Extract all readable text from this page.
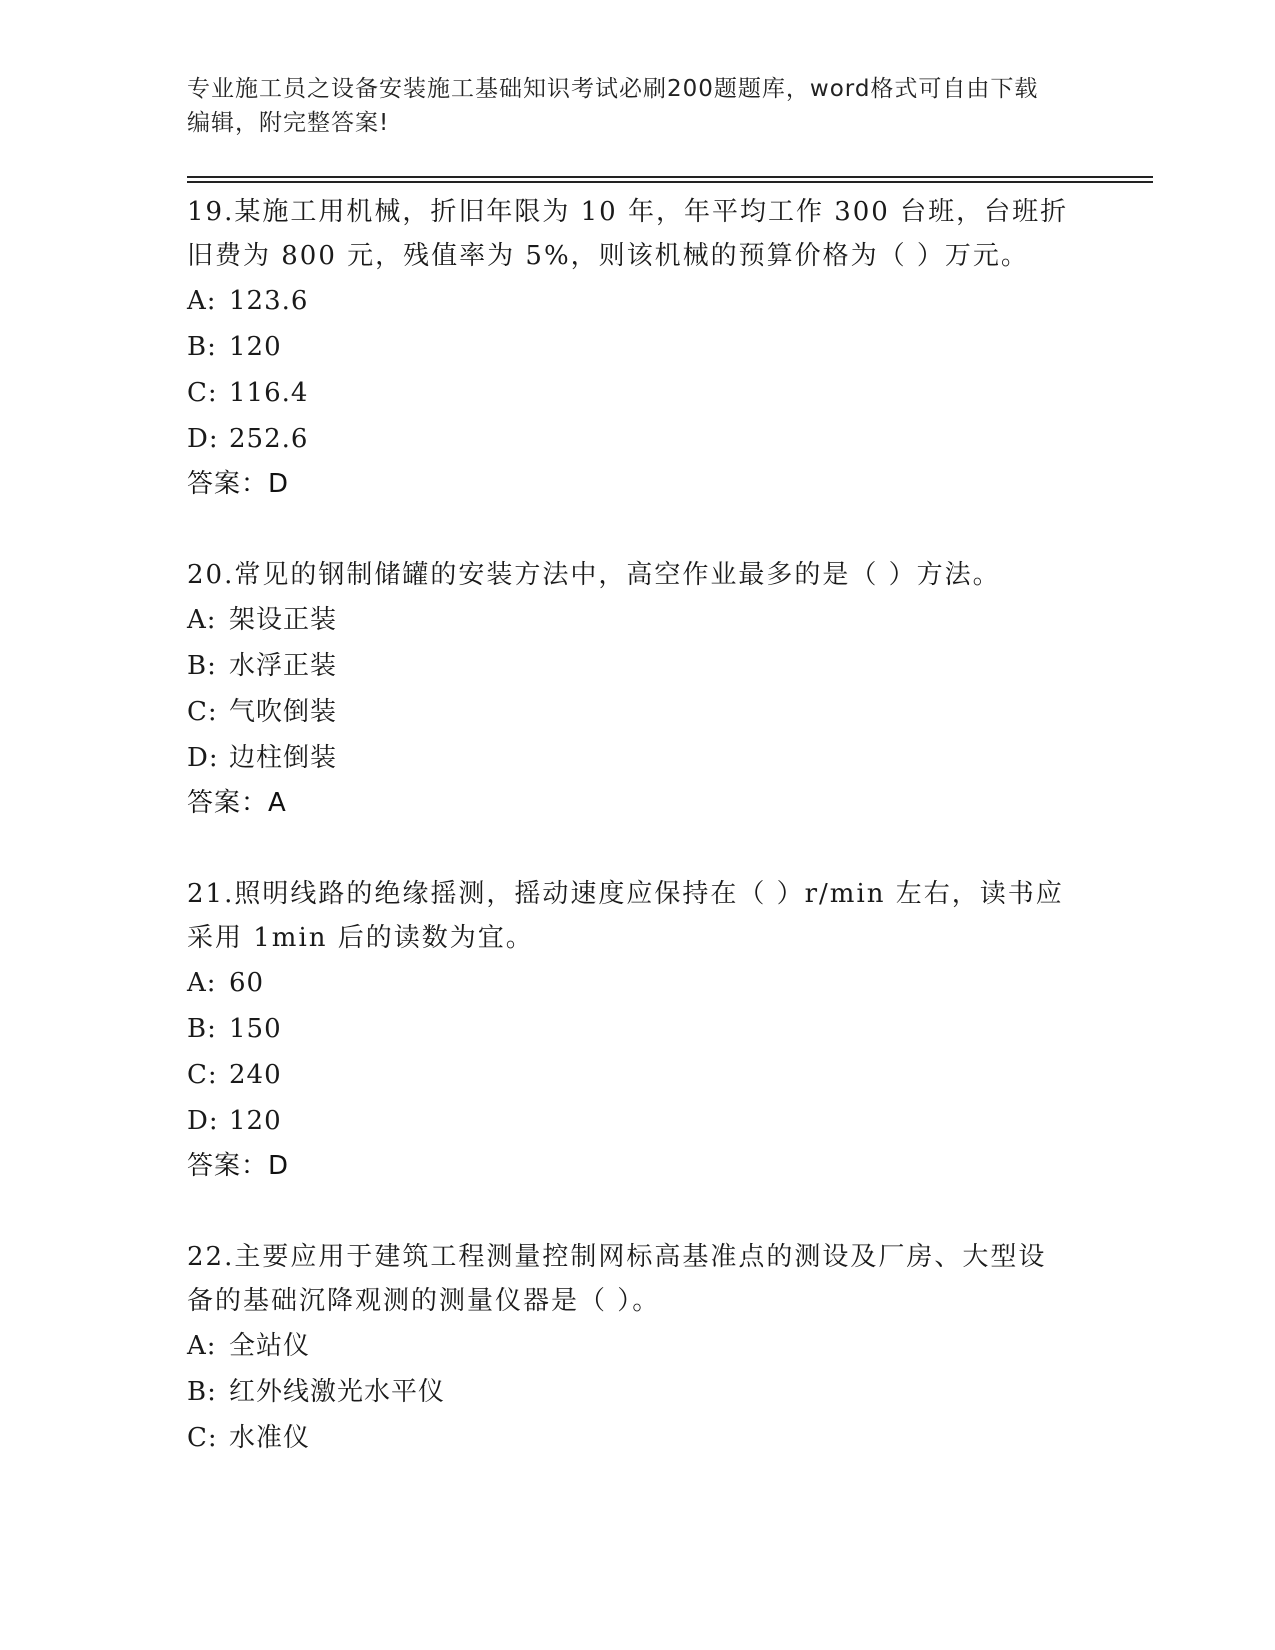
专业施工员之设备安装施工基础知识考试必刷200题题库，word格式可自由下载
编辑，附完整答案!
19.某施工用机械，折旧年限为 10 年，年平均工作 300 台班，台班折
旧费为 800 元，残值率为 5%，则该机械的预算价格为（ ）万元。
A: 123.6
B: 120
C: 116.4
D: 252.6
答案：D
20.常见的钢制储罐的安装方法中，高空作业最多的是（ ）方法。
A: 架设正装
B: 水浮正装
C: 气吹倒装
D: 边柱倒装
答案：A
21.照明线路的绝缘摇测，摇动速度应保持在（ ）r/min 左右，读书应
采用 1min 后的读数为宜。
A: 60
B: 150
C: 240
D: 120
答案：D
22.主要应用于建筑工程测量控制网标高基准点的测设及厂房、大型设
备的基础沉降观测的测量仪器是（ ）。
A: 全站仪
B: 红外线激光水平仪
C: 水准仪
